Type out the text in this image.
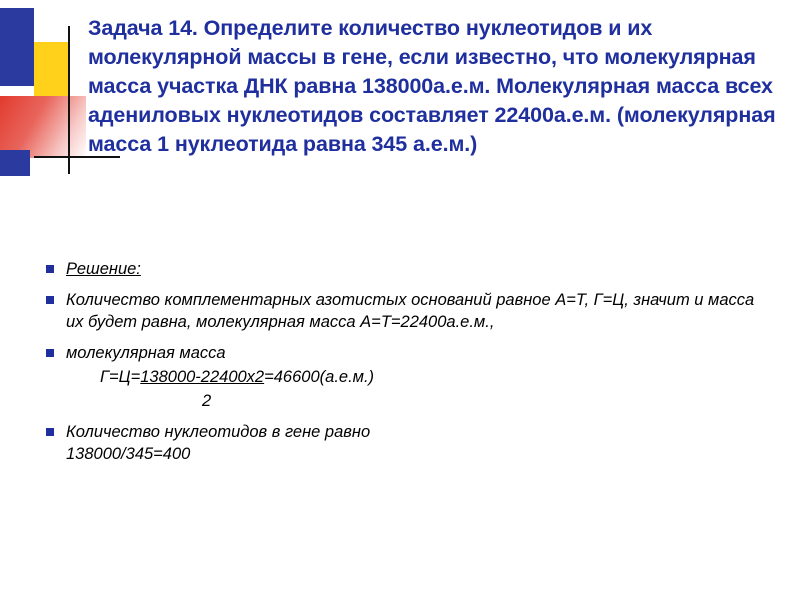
Задача 14. Определите количество нуклеотидов и их молекулярной массы в гене, если известно, что молекулярная масса участка ДНК равна 138000а.е.м. Молекулярная масса всех адениловых нуклеотидов составляет 22400а.е.м. (молекулярная масса 1 нуклеотида равна 345 а.е.м.)
Решение:
Количество комплементарных азотистых оснований равное А=Т, Г=Ц, значит и масса их будет равна, молекулярная масса А=Т=22400а.е.м.,
молекулярная масса
Г=Ц=138000-22400x2=46600(а.е.м.)
2
Количество нуклеотидов в гене равно
138000/345=400
